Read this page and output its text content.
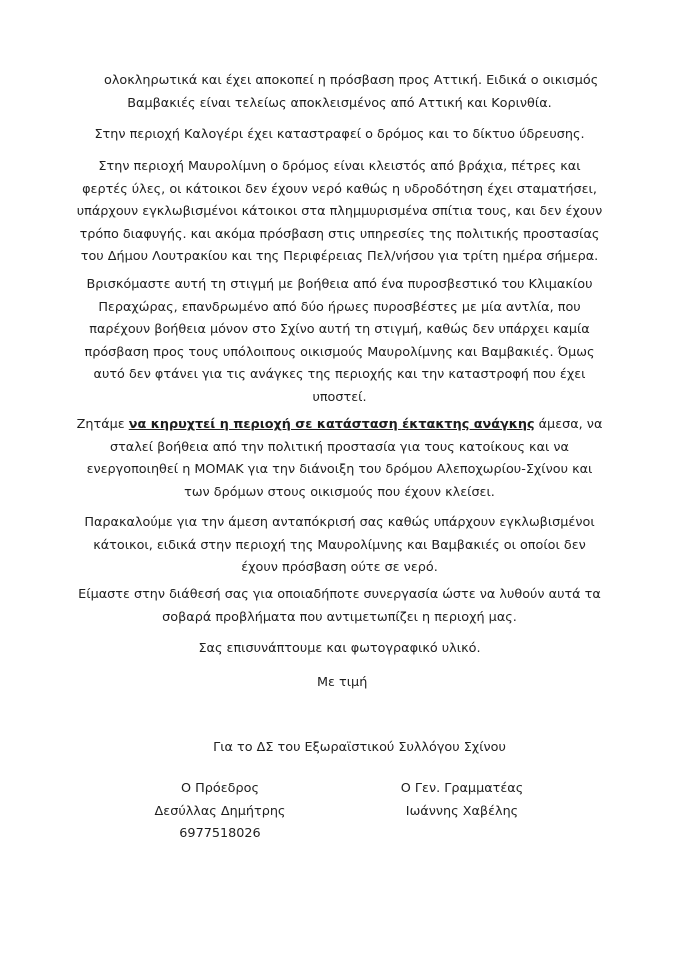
ολοκληρωτικά και έχει αποκοπεί η πρόσβαση προς Αττική. Ειδικά ο οικισμός
Βαμβακιές είναι τελείως αποκλεισμένος από Αττική και Κορινθία.

Στην περιοχή Καλογέρι έχει καταστραφεί ο δρόμος και το δίκτυο ύδρευσης.

Στην περιοχή Μαυρολίμνη ο δρόμος είναι κλειστός από βράχια, πέτρες και
φερτές ύλες, οι κάτοικοι δεν έχουν νερό καθώς η υδροδότηση έχει σταματήσει,
υπάρχουν εγκλωβισμένοι κάτοικοι στα πλημμυρισμένα σπίτια τους, και δεν έχουν
τρόπο διαφυγής. και ακόμα πρόσβαση στις υπηρεσίες της πολιτικής προστασίας
του Δήμου Λουτρακίου και της Περιφέρειας Πελ/νήσου για τρίτη ημέρα σήμερα.

Βρισκόμαστε αυτή τη στιγμή με βοήθεια από ένα πυροσβεστικό του Κλιμακίου
Περαχώρας, επανδρωμένο από δύο ήρωες πυροσβέστες με μία αντλία, που
παρέχουν βοήθεια μόνον στο Σχίνο αυτή τη στιγμή, καθώς δεν υπάρχει καμία
πρόσβαση προς τους υπόλοιπους οικισμούς Μαυρολίμνης και Βαμβακιές. Όμως
αυτό δεν φτάνει για τις ανάγκες της περιοχής και την καταστροφή που έχει
υποστεί.

Ζητάμε να κηρυχτεί η περιοχή σε κατάσταση έκτακτης ανάγκης άμεσα, να
σταλεί βοήθεια από την πολιτική προστασία για τους κατοίκους και να
ενεργοποιηθεί η ΜΟΜΑΚ για την διάνοιξη του δρόμου Αλεποχωρίου-Σχίνου και
των δρόμων στους οικισμούς που έχουν κλείσει.

Παρακαλούμε για την άμεση ανταπόκρισή σας καθώς υπάρχουν εγκλωβισμένοι
κάτοικοι, ειδικά στην περιοχή της Μαυρολίμνης και Βαμβακιές οι οποίοι δεν
έχουν πρόσβαση ούτε σε νερό.

Είμαστε στην διάθεσή σας για οποιαδήποτε συνεργασία ώστε να λυθούν αυτά τα
σοβαρά προβλήματα που αντιμετωπίζει η περιοχή μας.

Σας επισυνάπτουμε και φωτογραφικό υλικό.

Με τιμή

Για το ΔΣ του Εξωραϊστικού Συλλόγου Σχίνου

Ο Πρόεδρος
Δεσύλλας Δημήτρης
6977518026
Ο Γεν. Γραμματέας
Ιωάννης Χαβέλης
